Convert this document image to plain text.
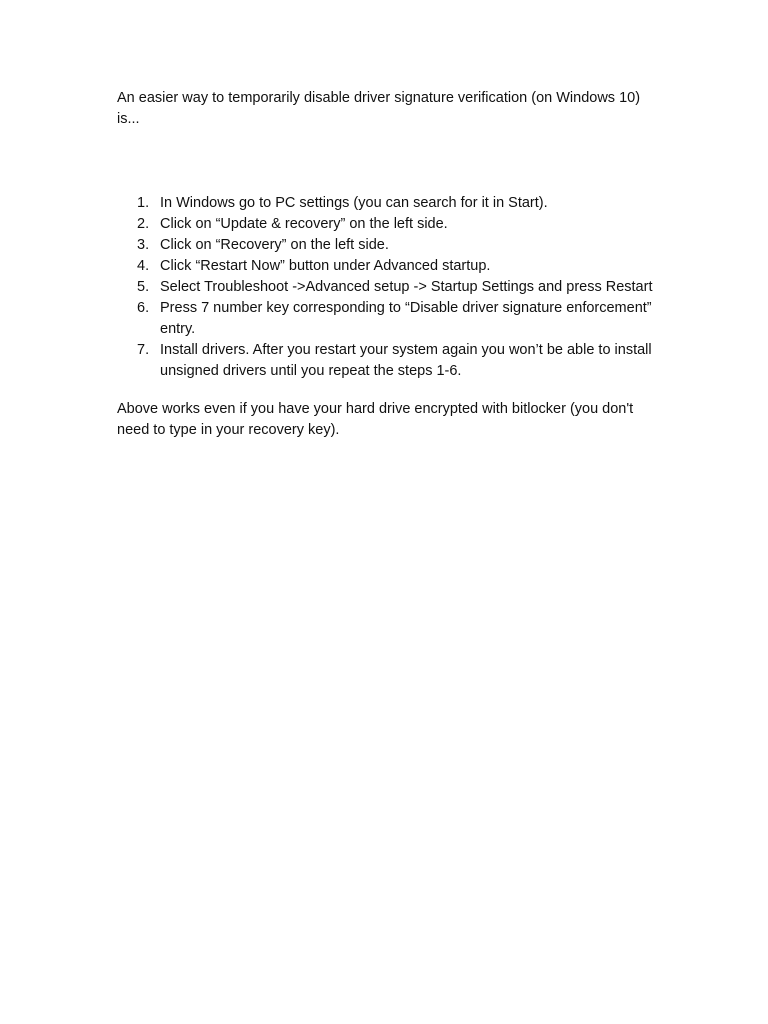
An easier way to temporarily disable driver signature verification (on Windows 10) is...

1. In Windows go to PC settings (you can search for it in Start).
2. Click on “Update & recovery” on the left side.
3. Click on “Recovery” on the left side.
4. Click “Restart Now” button under Advanced startup.
5. Select Troubleshoot ->Advanced setup -> Startup Settings and press Restart
6. Press 7 number key corresponding to “Disable driver signature enforcement” entry.
7. Install drivers. After you restart your system again you won’t be able to install unsigned drivers until you repeat the steps 1-6.

Above works even if you have your hard drive encrypted with bitlocker (you don't need to type in your recovery key).
